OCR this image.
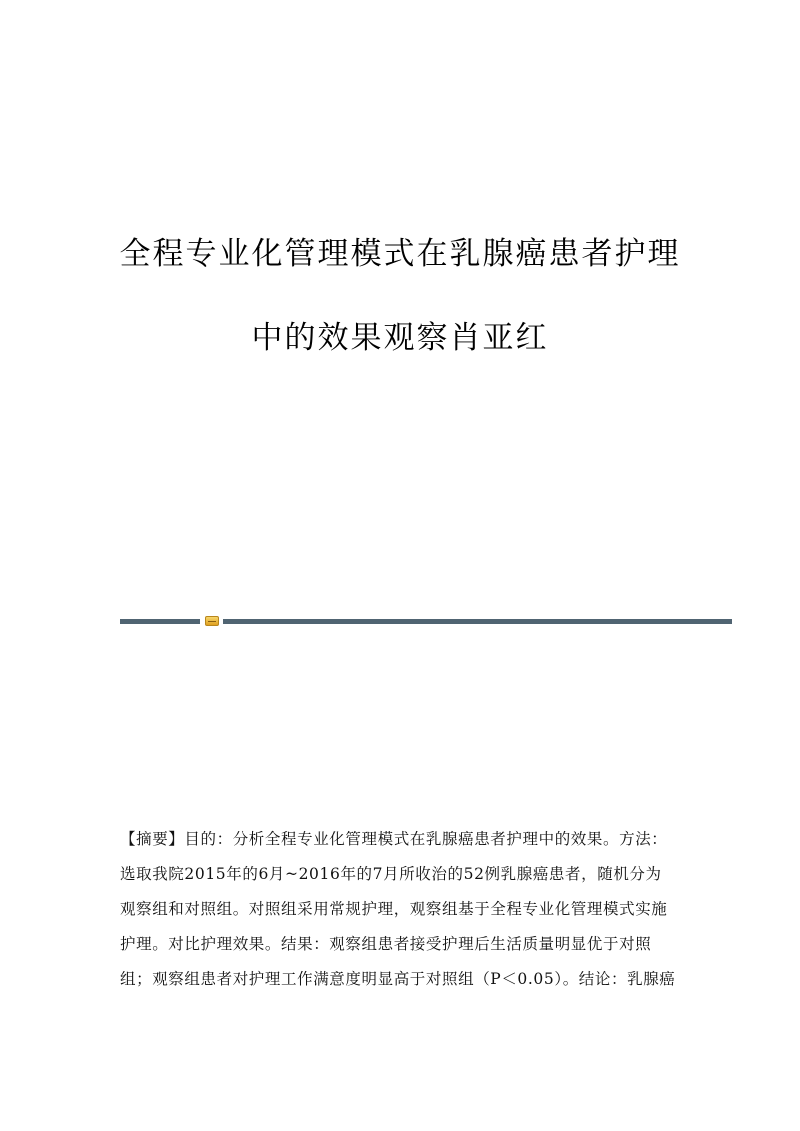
全程专业化管理模式在乳腺癌患者护理
中的效果观察肖亚红
【摘要】目的：分析全程专业化管理模式在乳腺癌患者护理中的效果。方法：
选取我院2015年的6月~2016年的7月所收治的52例乳腺癌患者，随机分为
观察组和对照组。对照组采用常规护理，观察组基于全程专业化管理模式实施
护理。对比护理效果。结果：观察组患者接受护理后生活质量明显优于对照
组；观察组患者对护理工作满意度明显高于对照组（P＜0.05）。结论：乳腺癌
